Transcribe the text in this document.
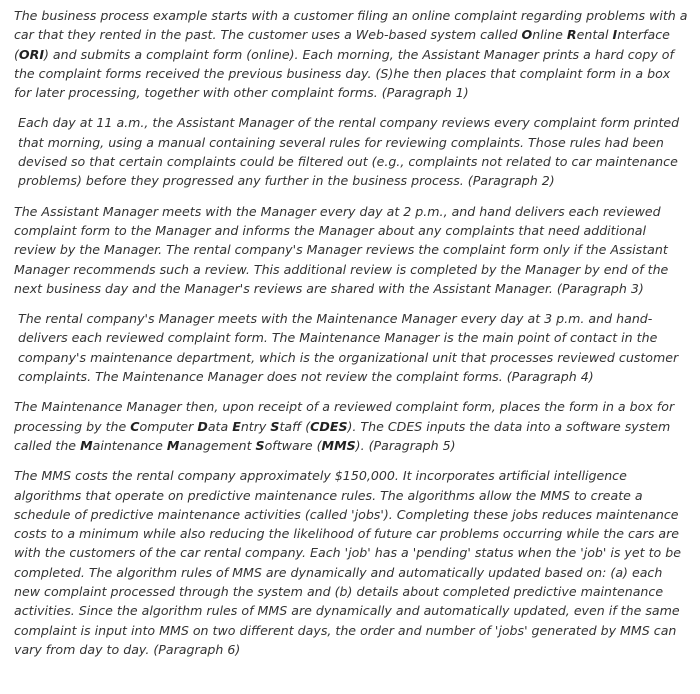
The business process example starts with a customer filing an online complaint regarding problems with a car that they rented in the past. The customer uses a Web-based system called Online Rental Interface (ORI) and submits a complaint form (online). Each morning, the Assistant Manager prints a hard copy of the complaint forms received the previous business day. (S)he then places that complaint form in a box for later processing, together with other complaint forms. (Paragraph 1)

Each day at 11 a.m., the Assistant Manager of the rental company reviews every complaint form printed that morning, using a manual containing several rules for reviewing complaints. Those rules had been devised so that certain complaints could be filtered out (e.g., complaints not related to car maintenance problems) before they progressed any further in the business process. (Paragraph 2)

The Assistant Manager meets with the Manager every day at 2 p.m., and hand delivers each reviewed complaint form to the Manager and informs the Manager about any complaints that need additional review by the Manager. The rental company's Manager reviews the complaint form only if the Assistant Manager recommends such a review. This additional review is completed by the Manager by end of the next business day and the Manager's reviews are shared with the Assistant Manager. (Paragraph 3)

The rental company's Manager meets with the Maintenance Manager every day at 3 p.m. and hand-delivers each reviewed complaint form. The Maintenance Manager is the main point of contact in the company's maintenance department, which is the organizational unit that processes reviewed customer complaints. The Maintenance Manager does not review the complaint forms. (Paragraph 4)

The Maintenance Manager then, upon receipt of a reviewed complaint form, places the form in a box for processing by the Computer Data Entry Staff (CDES). The CDES inputs the data into a software system called the Maintenance Management Software (MMS). (Paragraph 5)

The MMS costs the rental company approximately $150,000. It incorporates artificial intelligence algorithms that operate on predictive maintenance rules. The algorithms allow the MMS to create a schedule of predictive maintenance activities (called 'jobs'). Completing these jobs reduces maintenance costs to a minimum while also reducing the likelihood of future car problems occurring while the cars are with the customers of the car rental company. Each 'job' has a 'pending' status when the 'job' is yet to be completed. The algorithm rules of MMS are dynamically and automatically updated based on: (a) each new complaint processed through the system and (b) details about completed predictive maintenance activities. Since the algorithm rules of MMS are dynamically and automatically updated, even if the same complaint is input into MMS on two different days, the order and number of 'jobs' generated by MMS can vary from day to day. (Paragraph 6)
